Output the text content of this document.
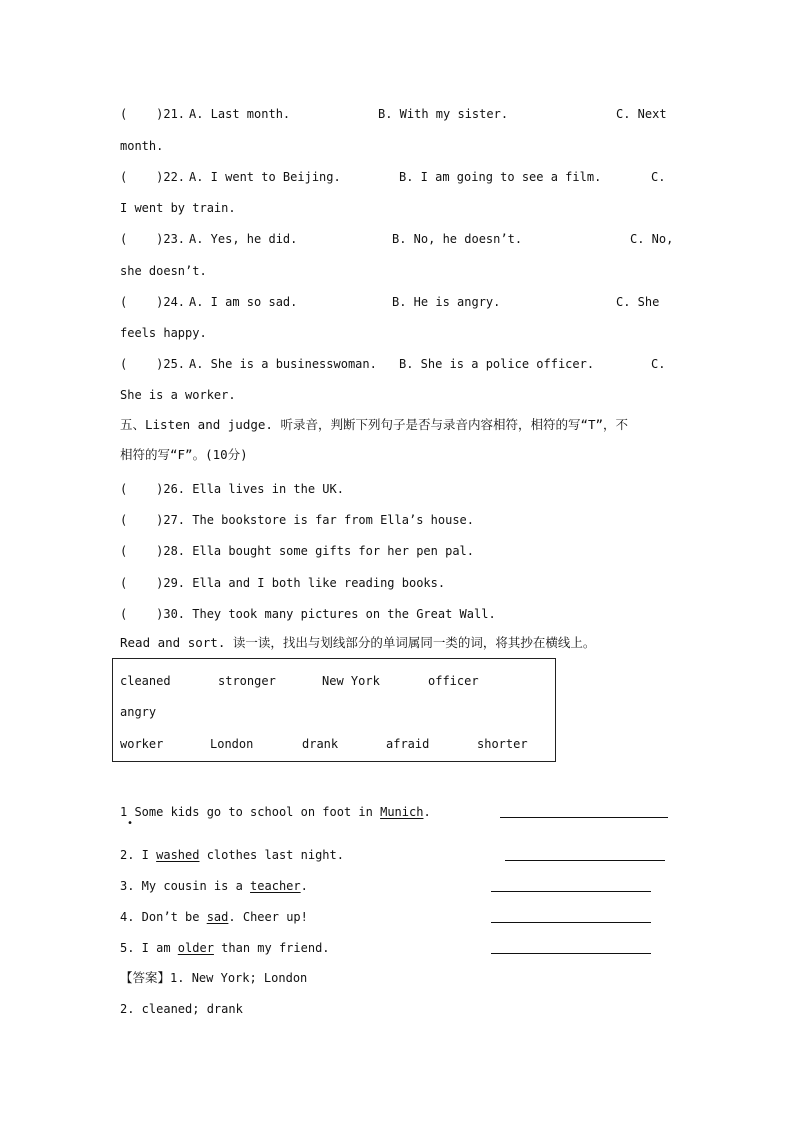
(    )21. A. Last month.	B. With my sister.	C. Next
month.
(    )22. A. I went to Beijing.	B. I am going to see a film.	C.
I went by train.
(    )23. A. Yes, he did.	B. No, he doesn’t.	C. No,
she doesn’t.
(    )24. A. I am so sad.	B. He is angry.	C. She
feels happy.
(    )25. A. She is a businesswoman. B. She is a police officer.	C.
She is a worker.
五、Listen and judge. 听录音，判断下列句子是否与录音内容相符，相符的写“T”，不
相符的写“F”。(10分)
(    )26. Ella lives in the UK.
(    )27. The bookstore is far from Ella’s house.
(    )28. Ella bought some gifts for her pen pal.
(    )29. Ella and I both like reading books.
(    )30. They took many pictures on the Great Wall.
Read and sort. 读一读，找出与划线部分的单词属同一类的词，将其抄在横线上。
cleaned	stronger	New York	officer
angry
worker	London	drank	afraid	shorter
1 Some kids go to school on foot in Munich.
•
2. I washed clothes last night.
3. My cousin is a teacher.
4. Don’t be sad. Cheer up!
5. I am older than my friend.
【答案】1. New York; London
2. cleaned; drank
